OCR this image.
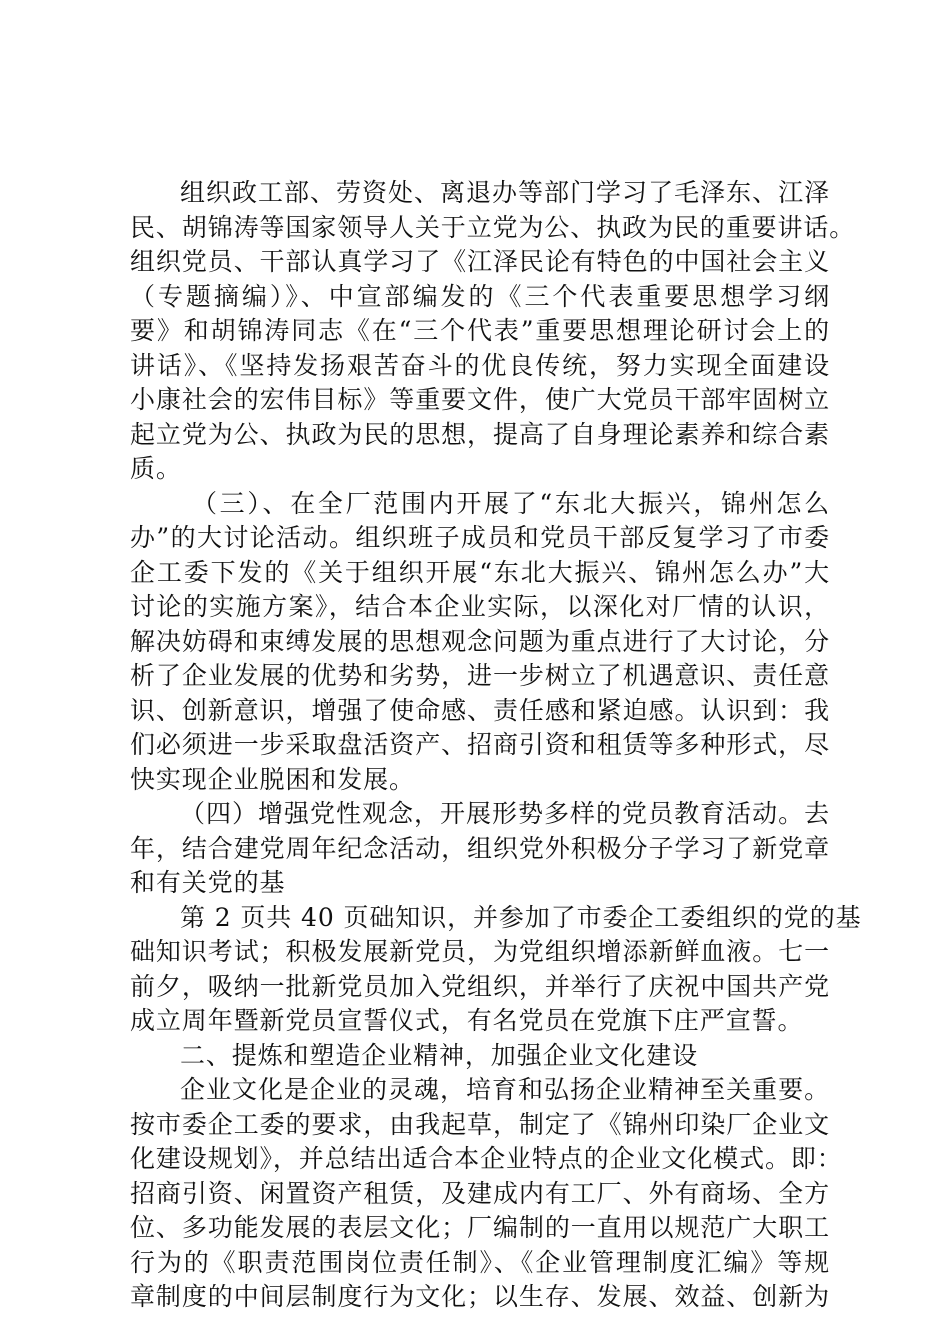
组织政工部、劳资处、离退办等部门学习了毛泽东、江泽
民、胡锦涛等国家领导人关于立党为公、执政为民的重要讲话。
组织党员、干部认真学习了《江泽民论有特色的中国社会主义
（专题摘编）》、中宣部编发的《三个代表重要思想学习纲
要》和胡锦涛同志《在“三个代表”重要思想理论研讨会上的
讲话》、《坚持发扬艰苦奋斗的优良传统，努力实现全面建设
小康社会的宏伟目标》等重要文件，使广大党员干部牢固树立
起立党为公、执政为民的思想，提高了自身理论素养和综合素
质。
（三）、在全厂范围内开展了“东北大振兴，锦州怎么
办”的大讨论活动。组织班子成员和党员干部反复学习了市委
企工委下发的《关于组织开展“东北大振兴、锦州怎么办”大
讨论的实施方案》，结合本企业实际，以深化对厂情的认识，
解决妨碍和束缚发展的思想观念问题为重点进行了大讨论，分
析了企业发展的优势和劣势，进一步树立了机遇意识、责任意
识、创新意识，增强了使命感、责任感和紧迫感。认识到：我
们必须进一步采取盘活资产、招商引资和租赁等多种形式，尽
快实现企业脱困和发展。
（四）增强党性观念，开展形势多样的党员教育活动。去
年，结合建党周年纪念活动，组织党外积极分子学习了新党章
和有关党的基
第 2 页共 40 页础知识，并参加了市委企工委组织的党的基
础知识考试；积极发展新党员，为党组织增添新鲜血液。七一
前夕，吸纳一批新党员加入党组织，并举行了庆祝中国共产党
成立周年暨新党员宣誓仪式，有名党员在党旗下庄严宣誓。
二、提炼和塑造企业精神，加强企业文化建设
企业文化是企业的灵魂，培育和弘扬企业精神至关重要。
按市委企工委的要求，由我起草，制定了《锦州印染厂企业文
化建设规划》，并总结出适合本企业特点的企业文化模式。即：
招商引资、闲置资产租赁，及建成内有工厂、外有商场、全方
位、多功能发展的表层文化；厂编制的一直用以规范广大职工
行为的《职责范围岗位责任制》、《企业管理制度汇编》等规
章制度的中间层制度行为文化；以生存、发展、效益、创新为
